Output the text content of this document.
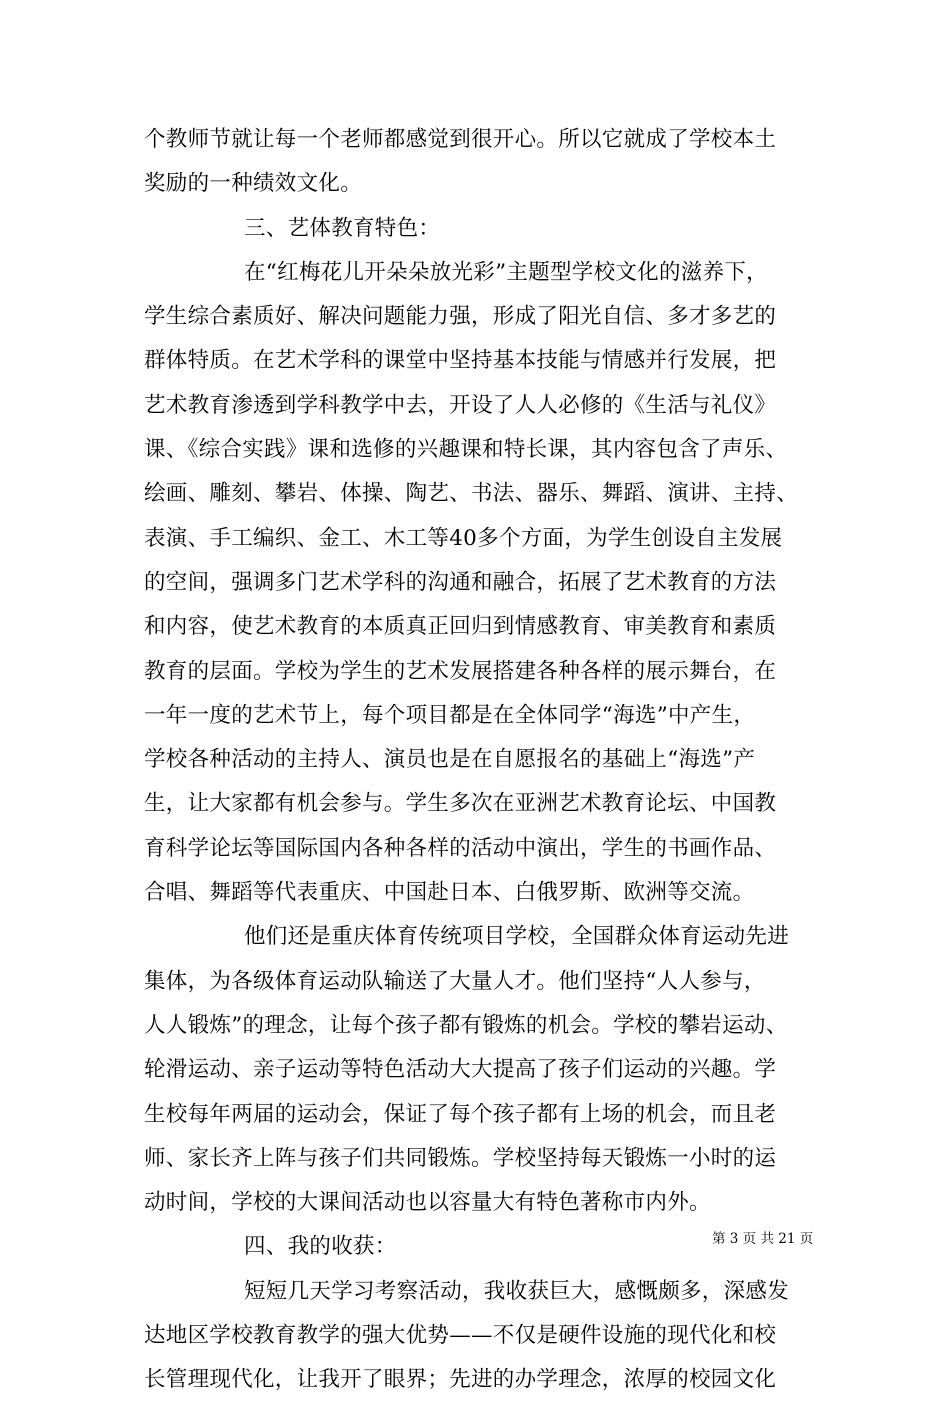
个教师节就让每一个老师都感觉到很开心。所以它就成了学校本土
奖励的一种绩效文化。
三、艺体教育特色：
在“红梅花儿开朵朵放光彩”主题型学校文化的滋养下，
学生综合素质好、解决问题能力强，形成了阳光自信、多才多艺的
群体特质。在艺术学科的课堂中坚持基本技能与情感并行发展，把
艺术教育渗透到学科教学中去，开设了人人必修的《生活与礼仪》
课、《综合实践》课和选修的兴趣课和特长课，其内容包含了声乐、
绘画、雕刻、攀岩、体操、陶艺、书法、器乐、舞蹈、演讲、主持、
表演、手工编织、金工、木工等40多个方面，为学生创设自主发展
的空间，强调多门艺术学科的沟通和融合，拓展了艺术教育的方法
和内容，使艺术教育的本质真正回归到情感教育、审美教育和素质
教育的层面。学校为学生的艺术发展搭建各种各样的展示舞台，在
一年一度的艺术节上，每个项目都是在全体同学“海选”中产生，
学校各种活动的主持人、演员也是在自愿报名的基础上“海选”产
生，让大家都有机会参与。学生多次在亚洲艺术教育论坛、中国教
育科学论坛等国际国内各种各样的活动中演出，学生的书画作品、
合唱、舞蹈等代表重庆、中国赴日本、白俄罗斯、欧洲等交流。
他们还是重庆体育传统项目学校，全国群众体育运动先进
集体，为各级体育运动队输送了大量人才。他们坚持“人人参与，
人人锻炼”的理念，让每个孩子都有锻炼的机会。学校的攀岩运动、
轮滑运动、亲子运动等特色活动大大提高了孩子们运动的兴趣。学
生校每年两届的运动会，保证了每个孩子都有上场的机会，而且老
师、家长齐上阵与孩子们共同锻炼。学校坚持每天锻炼一小时的运
动时间，学校的大课间活动也以容量大有特色著称市内外。
四、我的收获：
短短几天学习考察活动，我收获巨大，感慨颇多，深感发
达地区学校教育教学的强大优势——不仅是硬件设施的现代化和校
长管理现代化，让我开了眼界；先进的办学理念，浓厚的校园文化
第 3 页 共 21 页
